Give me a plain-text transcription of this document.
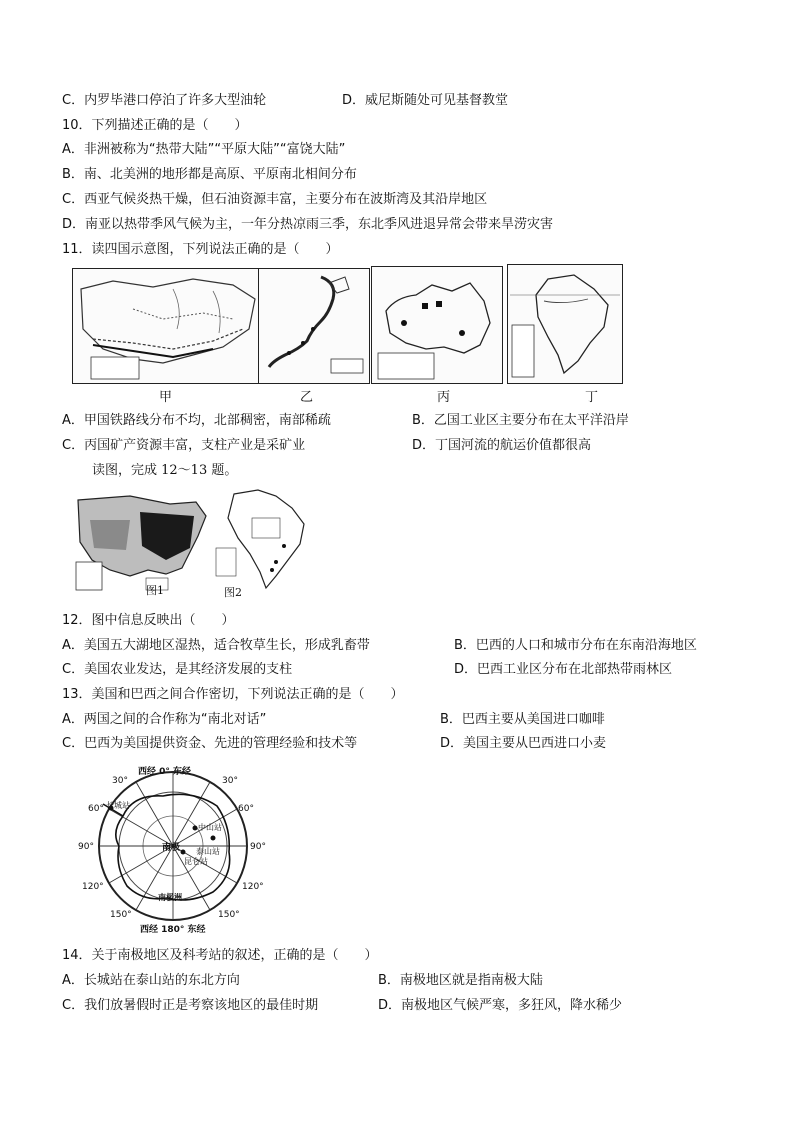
C．内罗毕港口停泊了许多大型油轮	D．威尼斯随处可见基督教堂
10．下列描述正确的是（　　）
A．非洲被称为“热带大陆”“平原大陆”“富饶大陆”
B．南、北美洲的地形都是高原、平原南北相间分布
C．西亚气候炎热干燥，但石油资源丰富，主要分布在波斯湾及其沿岸地区
D．南亚以热带季风气候为主，一年分热凉雨三季，东北季风进退异常会带来旱涝灾害
11．读四国示意图，下列说法正确的是（　　）
甲	乙	丙	丁
A．甲国铁路线分布不均，北部稠密，南部稀疏	B．乙国工业区主要分布在太平洋沿岸
C．丙国矿产资源丰富，支柱产业是采矿业	D．丁国河流的航运价值都很高
读图，完成 12～13 题。
图1	图2
12．图中信息反映出（　　）
A．美国五大湖地区湿热，适合牧草生长，形成乳畜带	B．巴西的人口和城市分布在东南沿海地区
C．美国农业发达，是其经济发展的支柱	D．巴西工业区分布在北部热带雨林区
13．美国和巴西之间合作密切，下列说法正确的是（　　）
A．两国之间的合作称为“南北对话”	B．巴西主要从美国进口咖啡
C．巴西为美国提供资金、先进的管理经验和技术等	D．美国主要从巴西进口小麦
西经 0° 东经
西经 180° 东经
30°	30°
60°	60°
90°	90°
120°	120°
150°	150°
南极
长城站
泰山站
中山站
昆仑站
南极洲
14．关于南极地区及科考站的叙述，正确的是（　　）
A．长城站在泰山站的东北方向	B．南极地区就是指南极大陆
C．我们放暑假时正是考察该地区的最佳时期	D．南极地区气候严寒，多狂风，降水稀少
